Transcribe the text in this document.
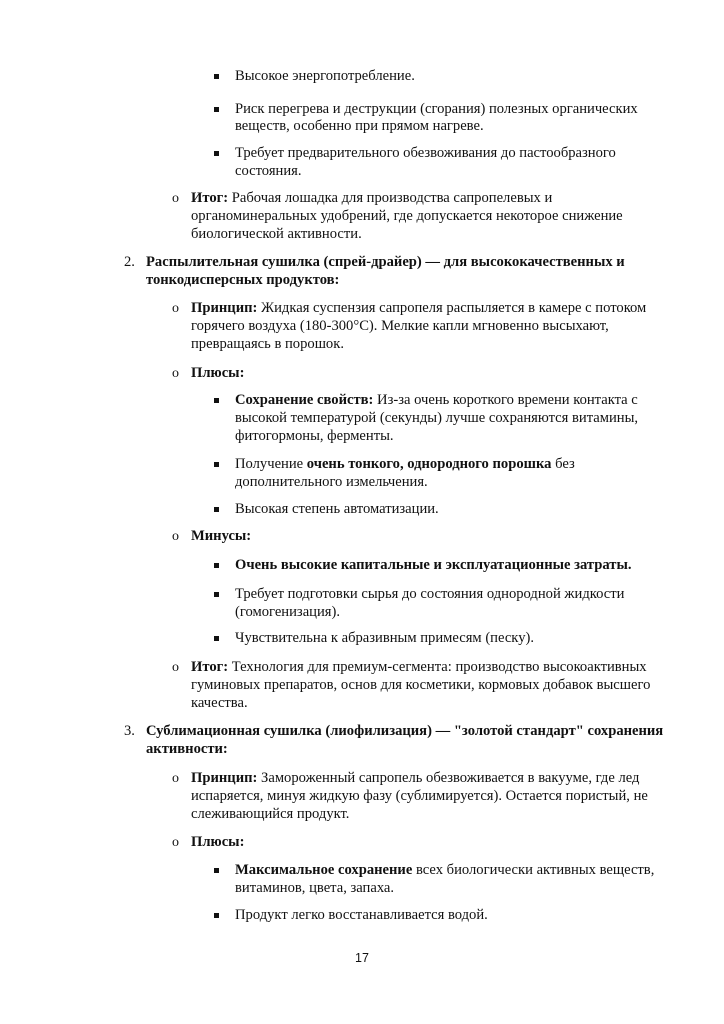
Высокое энергопотребление.
Риск перегрева и деструкции (сгорания) полезных органических
веществ, особенно при прямом нагреве.
Требует предварительного обезвоживания до пастообразного
состояния.
o Итог: Рабочая лошадка для производства сапропелевых и
органоминеральных удобрений, где допускается некоторое снижение
биологической активности.
2. Распылительная сушилка (спрей-драйер) — для высококачественных и
тонкодисперсных продуктов:
o Принцип: Жидкая суспензия сапропеля распыляется в камере с потоком
горячего воздуха (180-300°C). Мелкие капли мгновенно высыхают,
превращаясь в порошок.
o Плюсы:
Сохранение свойств: Из-за очень короткого времени контакта с
высокой температурой (секунды) лучше сохраняются витамины,
фитогормоны, ферменты.
Получение очень тонкого, однородного порошка без
дополнительного измельчения.
Высокая степень автоматизации.
o Минусы:
Очень высокие капитальные и эксплуатационные затраты.
Требует подготовки сырья до состояния однородной жидкости
(гомогенизация).
Чувствительна к абразивным примесям (песку).
o Итог: Технология для премиум-сегмента: производство высокоактивных
гуминовых препаратов, основ для косметики, кормовых добавок высшего
качества.
3. Сублимационная сушилка (лиофилизация) — "золотой стандарт" сохранения
активности:
o Принцип: Замороженный сапропель обезвоживается в вакууме, где лед
испаряется, минуя жидкую фазу (сублимируется). Остается пористый, не
слеживающийся продукт.
o Плюсы:
Максимальное сохранение всех биологически активных веществ,
витаминов, цвета, запаха.
Продукт легко восстанавливается водой.
17
